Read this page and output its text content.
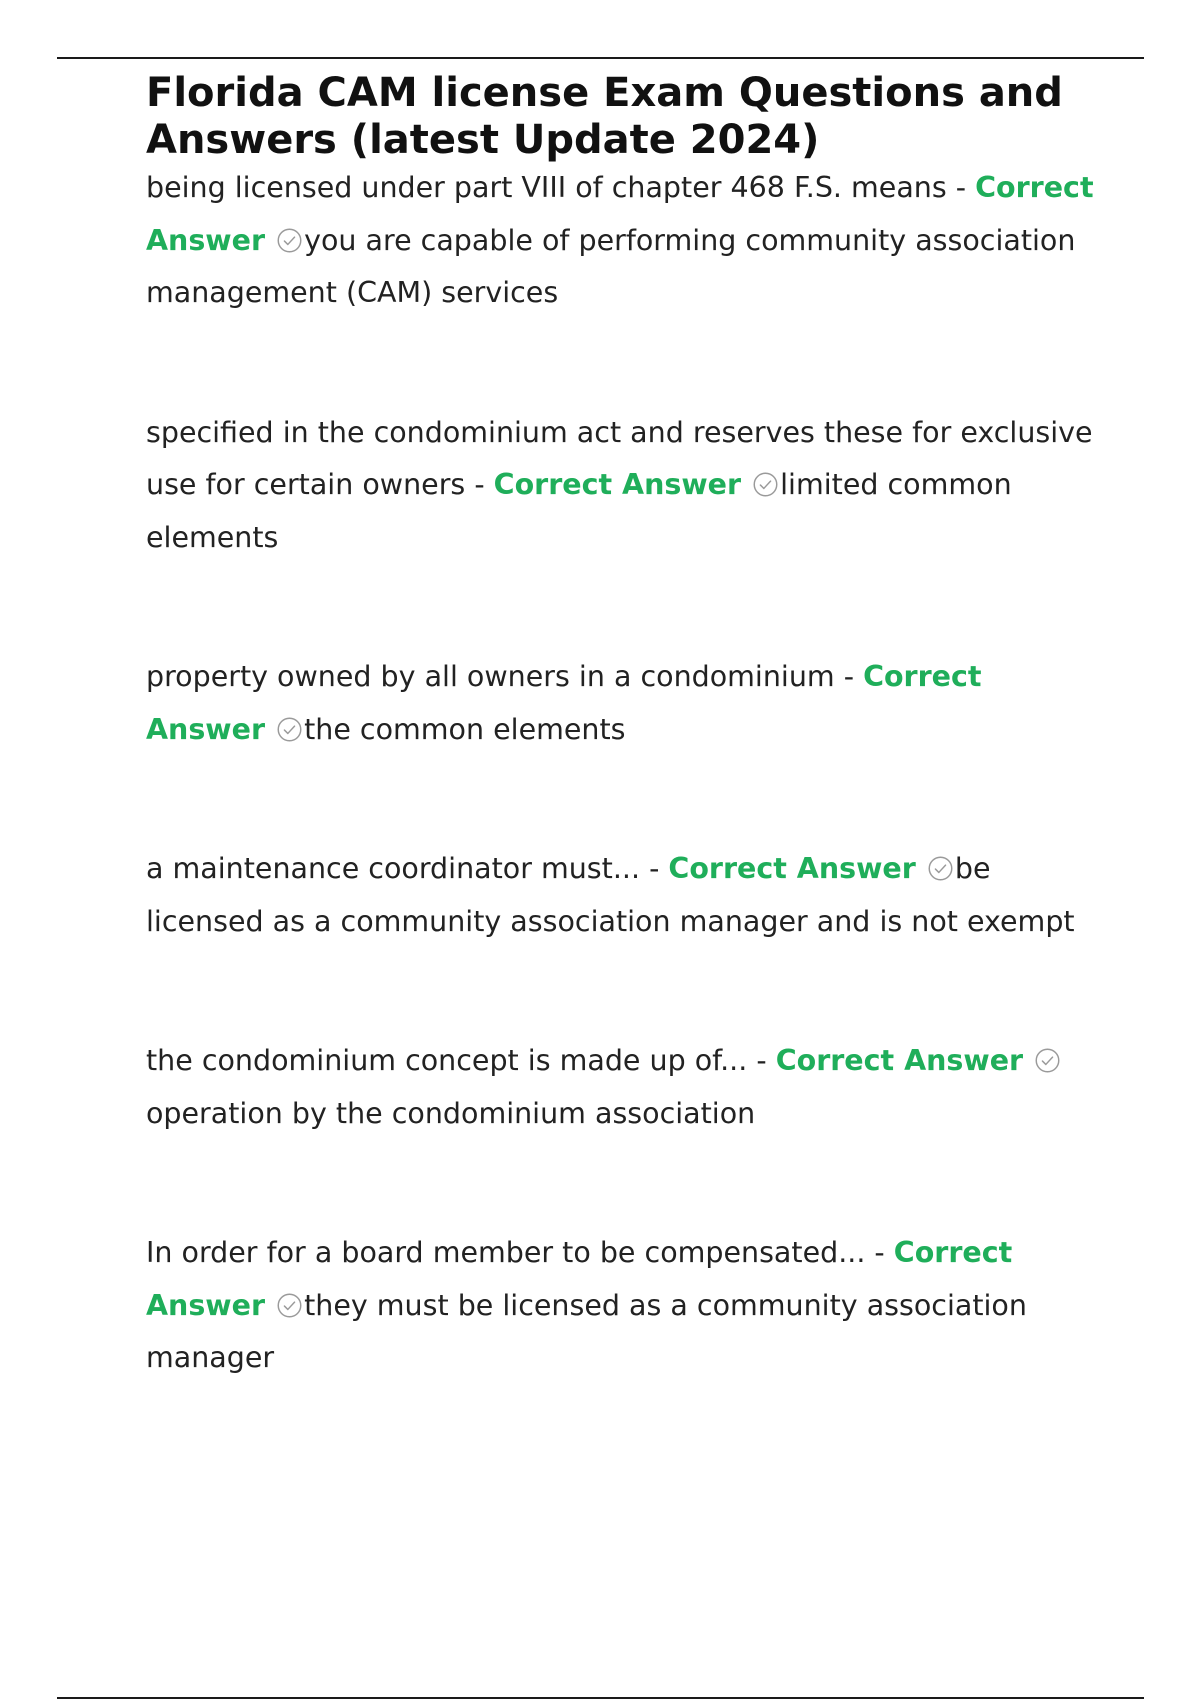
Florida CAM license Exam Questions and Answers (latest Update 2024)
being licensed under part VIII of chapter 468 F.S. means - Correct Answer you are capable of performing community association management (CAM) services
specified in the condominium act and reserves these for exclusive use for certain owners - Correct Answer limited common elements
property owned by all owners in a condominium - Correct Answer the common elements
a maintenance coordinator must... - Correct Answer be licensed as a community association manager and is not exempt
the condominium concept is made up of... - Correct Answer
operation by the condominium association
In order for a board member to be compensated... - Correct Answer they must be licensed as a community association manager
